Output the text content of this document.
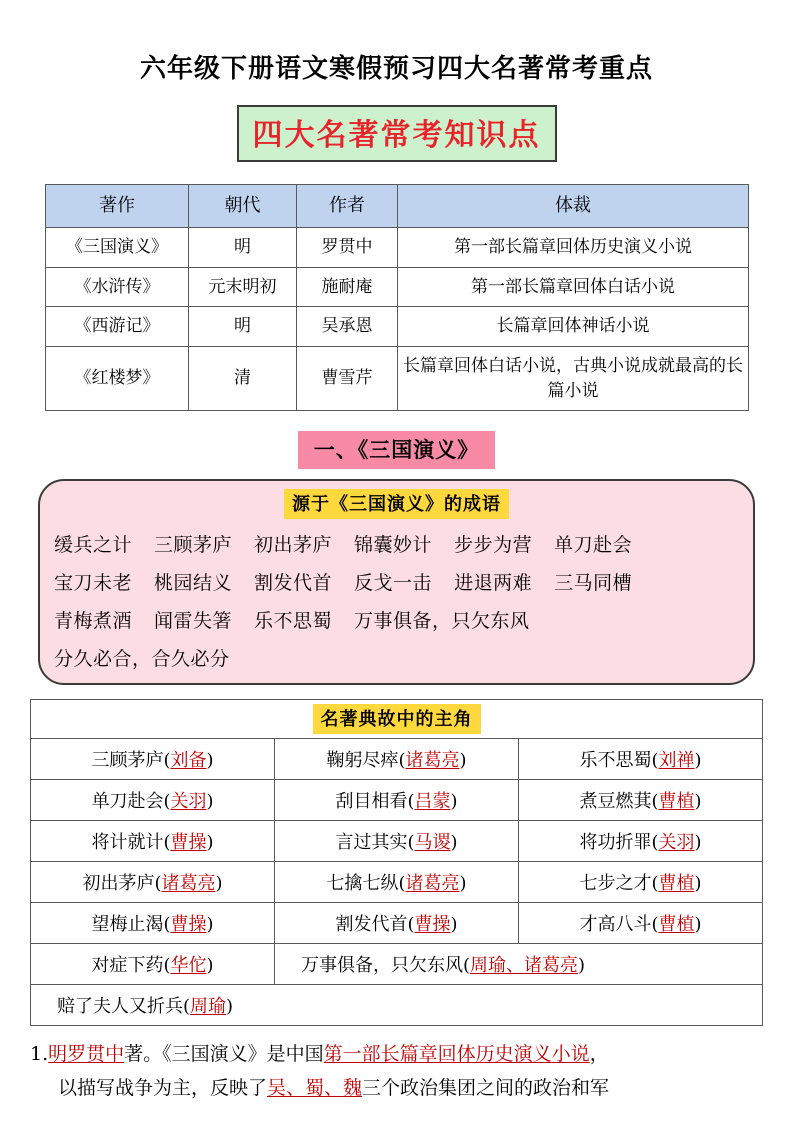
六年级下册语文寒假预习四大名著常考重点
四大名著常考知识点
著作	朝代	作者	体裁
《三国演义》	明	罗贯中	第一部长篇章回体历史演义小说
《水浒传》	元末明初	施耐庵	第一部长篇章回体白话小说
《西游记》	明	吴承恩	长篇章回体神话小说
《红楼梦》	清	曹雪芹	长篇章回体白话小说，古典小说成就最高的长篇小说
一、《三国演义》
源于《三国演义》的成语
缓兵之计 三顾茅庐 初出茅庐 锦囊妙计 步步为营 单刀赴会
宝刀未老 桃园结义 割发代首 反戈一击 进退两难 三马同槽
青梅煮酒 闻雷失箸 乐不思蜀 万事俱备，只欠东风
分久必合，合久必分
名著典故中的主角		
三顾茅庐(刘备)	鞠躬尽瘁(诸葛亮)	乐不思蜀(刘禅)
单刀赴会(关羽)	刮目相看(吕蒙)	煮豆燃萁(曹植)
将计就计(曹操)	言过其实(马谡)	将功折罪(关羽)
初出茅庐(诸葛亮)	七擒七纵(诸葛亮)	七步之才(曹植)
望梅止渴(曹操)	割发代首(曹操)	才高八斗(曹植)
对症下药(华佗)	万事俱备，只欠东风(周瑜、诸葛亮)	
赔了夫人又折兵(周瑜)		
1.明罗贯中著。《三国演义》是中国第一部长篇章回体历史演义小说，
以描写战争为主，反映了吴、蜀、魏三个政治集团之间的政治和军
